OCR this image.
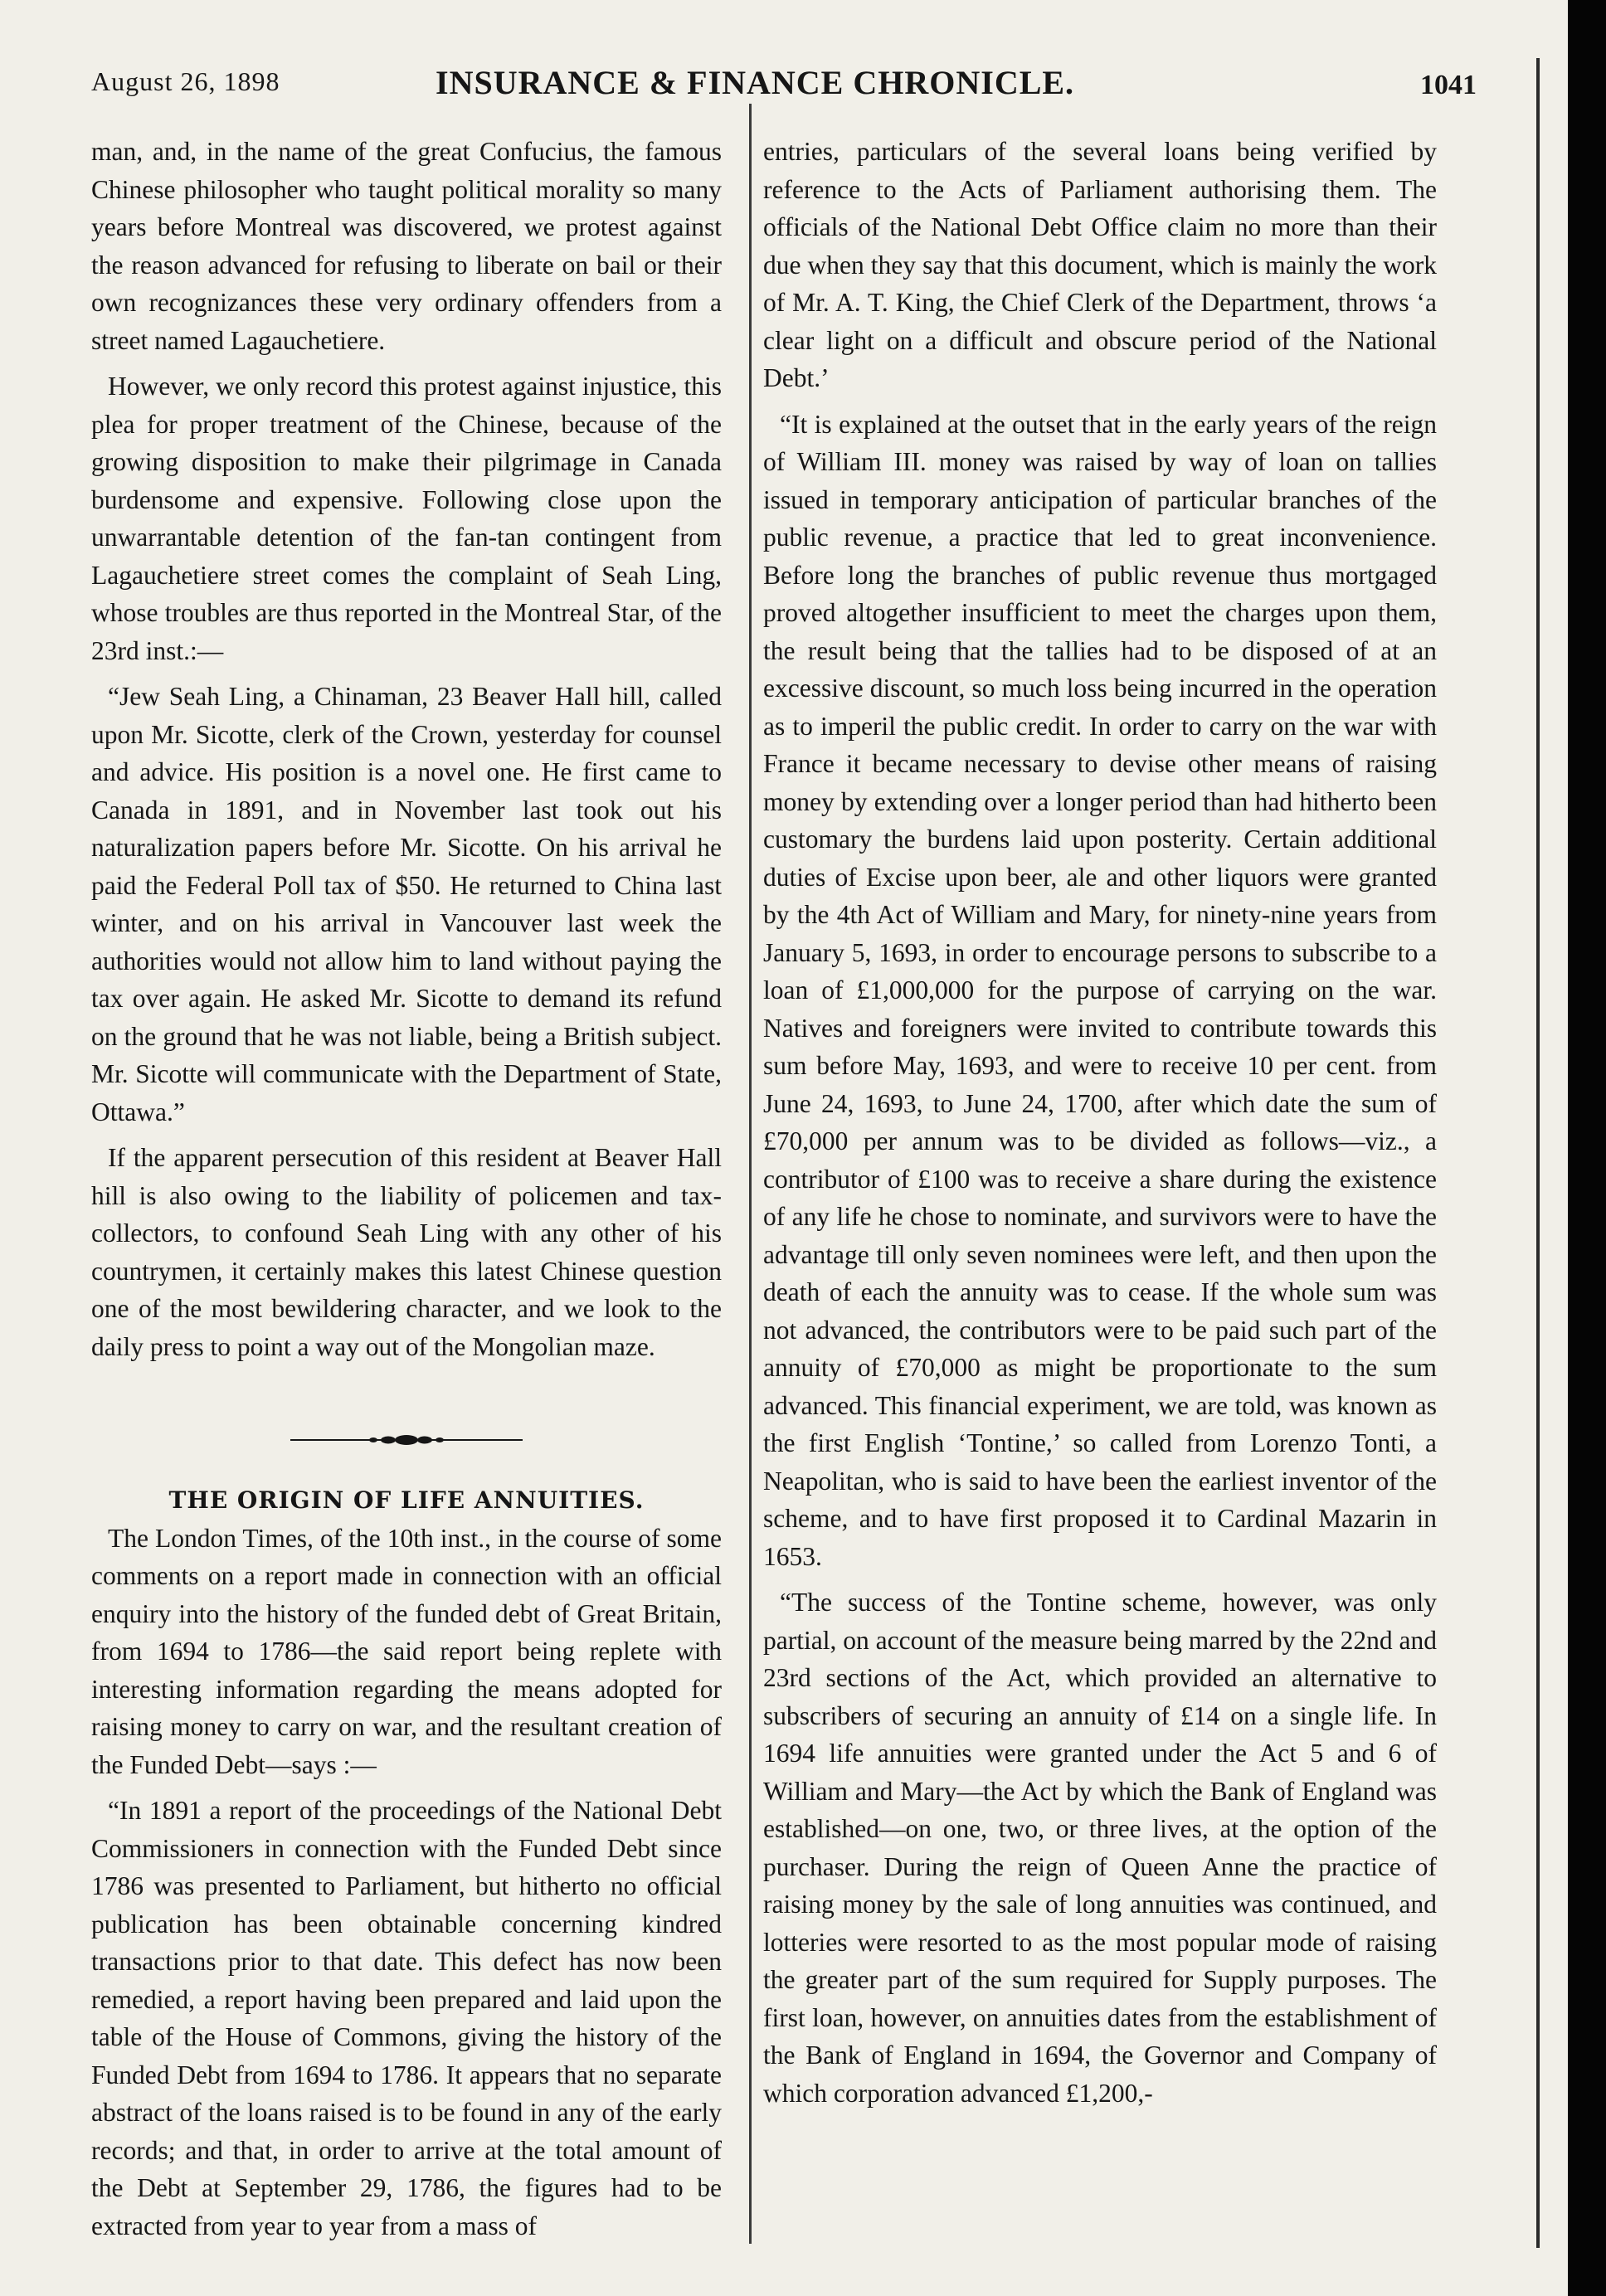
August 26, 1898	INSURANCE & FINANCE CHRONICLE.	1041

man, and, in the name of the great Confucius, the famous Chinese philosopher who taught political morality so many years before Montreal was discovered, we protest against the reason advanced for refusing to liberate on bail or their own recognizances these very ordinary offenders from a street named Lagauchetiere.

However, we only record this protest against injustice, this plea for proper treatment of the Chinese, because of the growing disposition to make their pilgrimage in Canada burdensome and expensive. Following close upon the unwarrantable detention of the fan-tan contingent from Lagauchetiere street comes the complaint of Seah Ling, whose troubles are thus reported in the Montreal Star, of the 23rd inst.:—

“Jew Seah Ling, a Chinaman, 23 Beaver Hall hill, called upon Mr. Sicotte, clerk of the Crown, yesterday for counsel and advice. His position is a novel one. He first came to Canada in 1891, and in November last took out his naturalization papers before Mr. Sicotte. On his arrival he paid the Federal Poll tax of $50. He returned to China last winter, and on his arrival in Vancouver last week the authorities would not allow him to land without paying the tax over again. He asked Mr. Sicotte to demand its refund on the ground that he was not liable, being a British subject. Mr. Sicotte will communicate with the Department of State, Ottawa.”

If the apparent persecution of this resident at Beaver Hall hill is also owing to the liability of policemen and tax-collectors, to confound Seah Ling with any other of his countrymen, it certainly makes this latest Chinese question one of the most bewildering character, and we look to the daily press to point a way out of the Mongolian maze.

THE ORIGIN OF LIFE ANNUITIES.

The London Times, of the 10th inst., in the course of some comments on a report made in connection with an official enquiry into the history of the funded debt of Great Britain, from 1694 to 1786—the said report being replete with interesting information regarding the means adopted for raising money to carry on war, and the resultant creation of the Funded Debt—says :—

“In 1891 a report of the proceedings of the National Debt Commissioners in connection with the Funded Debt since 1786 was presented to Parliament, but hitherto no official publication has been obtainable concerning kindred transactions prior to that date. This defect has now been remedied, a report having been prepared and laid upon the table of the House of Commons, giving the history of the Funded Debt from 1694 to 1786. It appears that no separate abstract of the loans raised is to be found in any of the early records; and that, in order to arrive at the total amount of the Debt at September 29, 1786, the figures had to be extracted from year to year from a mass of

entries, particulars of the several loans being verified by reference to the Acts of Parliament authorising them. The officials of the National Debt Office claim no more than their due when they say that this document, which is mainly the work of Mr. A. T. King, the Chief Clerk of the Department, throws ‘a clear light on a difficult and obscure period of the National Debt.’

“It is explained at the outset that in the early years of the reign of William III. money was raised by way of loan on tallies issued in temporary anticipation of particular branches of the public revenue, a practice that led to great inconvenience. Before long the branches of public revenue thus mortgaged proved altogether insufficient to meet the charges upon them, the result being that the tallies had to be disposed of at an excessive discount, so much loss being incurred in the operation as to imperil the public credit. In order to carry on the war with France it became necessary to devise other means of raising money by extending over a longer period than had hitherto been customary the burdens laid upon posterity. Certain additional duties of Excise upon beer, ale and other liquors were granted by the 4th Act of William and Mary, for ninety-nine years from January 5, 1693, in order to encourage persons to subscribe to a loan of £1,000,000 for the purpose of carrying on the war. Natives and foreigners were invited to contribute towards this sum before May, 1693, and were to receive 10 per cent. from June 24, 1693, to June 24, 1700, after which date the sum of £70,000 per annum was to be divided as follows—viz., a contributor of £100 was to receive a share during the existence of any life he chose to nominate, and survivors were to have the advantage till only seven nominees were left, and then upon the death of each the annuity was to cease. If the whole sum was not advanced, the contributors were to be paid such part of the annuity of £70,000 as might be proportionate to the sum advanced. This financial experiment, we are told, was known as the first English ‘Tontine,’ so called from Lorenzo Tonti, a Neapolitan, who is said to have been the earliest inventor of the scheme, and to have first proposed it to Cardinal Mazarin in 1653.

“The success of the Tontine scheme, however, was only partial, on account of the measure being marred by the 22nd and 23rd sections of the Act, which provided an alternative to subscribers of securing an annuity of £14 on a single life. In 1694 life annuities were granted under the Act 5 and 6 of William and Mary—the Act by which the Bank of England was established—on one, two, or three lives, at the option of the purchaser. During the reign of Queen Anne the practice of raising money by the sale of long annuities was continued, and lotteries were resorted to as the most popular mode of raising the greater part of the sum required for Supply purposes. The first loan, however, on annuities dates from the establishment of the Bank of England in 1694, the Governor and Company of which corporation advanced £1,200,-
